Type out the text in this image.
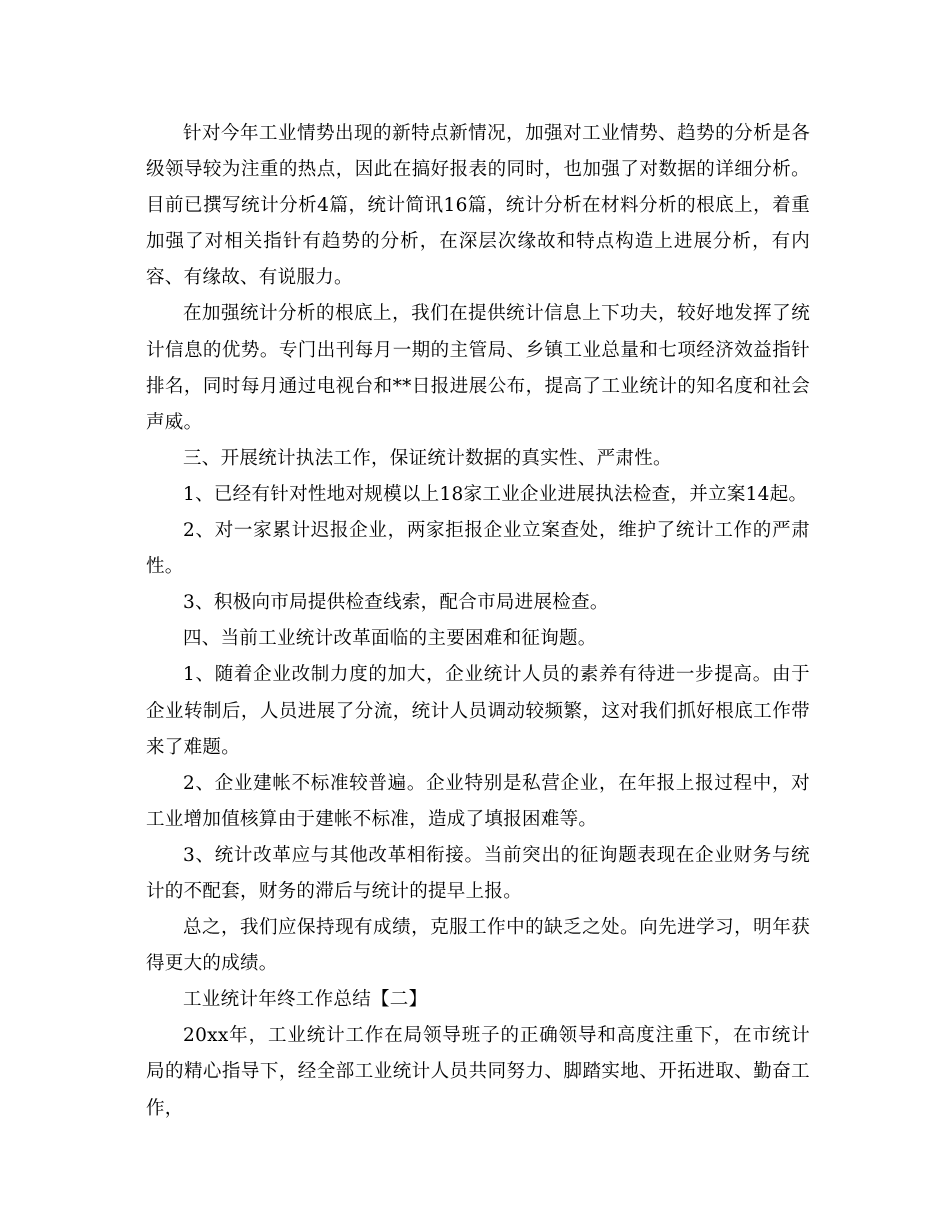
针对今年工业情势出现的新特点新情况，加强对工业情势、趋势的分析是各级领导较为注重的热点，因此在搞好报表的同时，也加强了对数据的详细分析。目前已撰写统计分析4篇，统计简讯16篇，统计分析在材料分析的根底上，着重加强了对相关指针有趋势的分析，在深层次缘故和特点构造上进展分析，有内容、有缘故、有说服力。

在加强统计分析的根底上，我们在提供统计信息上下功夫，较好地发挥了统计信息的优势。专门出刊每月一期的主管局、乡镇工业总量和七项经济效益指针排名，同时每月通过电视台和**日报进展公布，提高了工业统计的知名度和社会声威。

三、开展统计执法工作，保证统计数据的真实性、严肃性。

1、已经有针对性地对规模以上18家工业企业进展执法检查，并立案14起。

2、对一家累计迟报企业，两家拒报企业立案查处，维护了统计工作的严肃性。

3、积极向市局提供检查线索，配合市局进展检查。

四、当前工业统计改革面临的主要困难和征询题。

1、随着企业改制力度的加大，企业统计人员的素养有待进一步提高。由于企业转制后，人员进展了分流，统计人员调动较频繁，这对我们抓好根底工作带来了难题。

2、企业建帐不标准较普遍。企业特别是私营企业，在年报上报过程中，对工业增加值核算由于建帐不标准，造成了填报困难等。

3、统计改革应与其他改革相衔接。当前突出的征询题表现在企业财务与统计的不配套，财务的滞后与统计的提早上报。

总之，我们应保持现有成绩，克服工作中的缺乏之处。向先进学习，明年获得更大的成绩。

工业统计年终工作总结【二】

20xx年，工业统计工作在局领导班子的正确领导和高度注重下，在市统计局的精心指导下，经全部工业统计人员共同努力、脚踏实地、开拓进取、勤奋工作，
